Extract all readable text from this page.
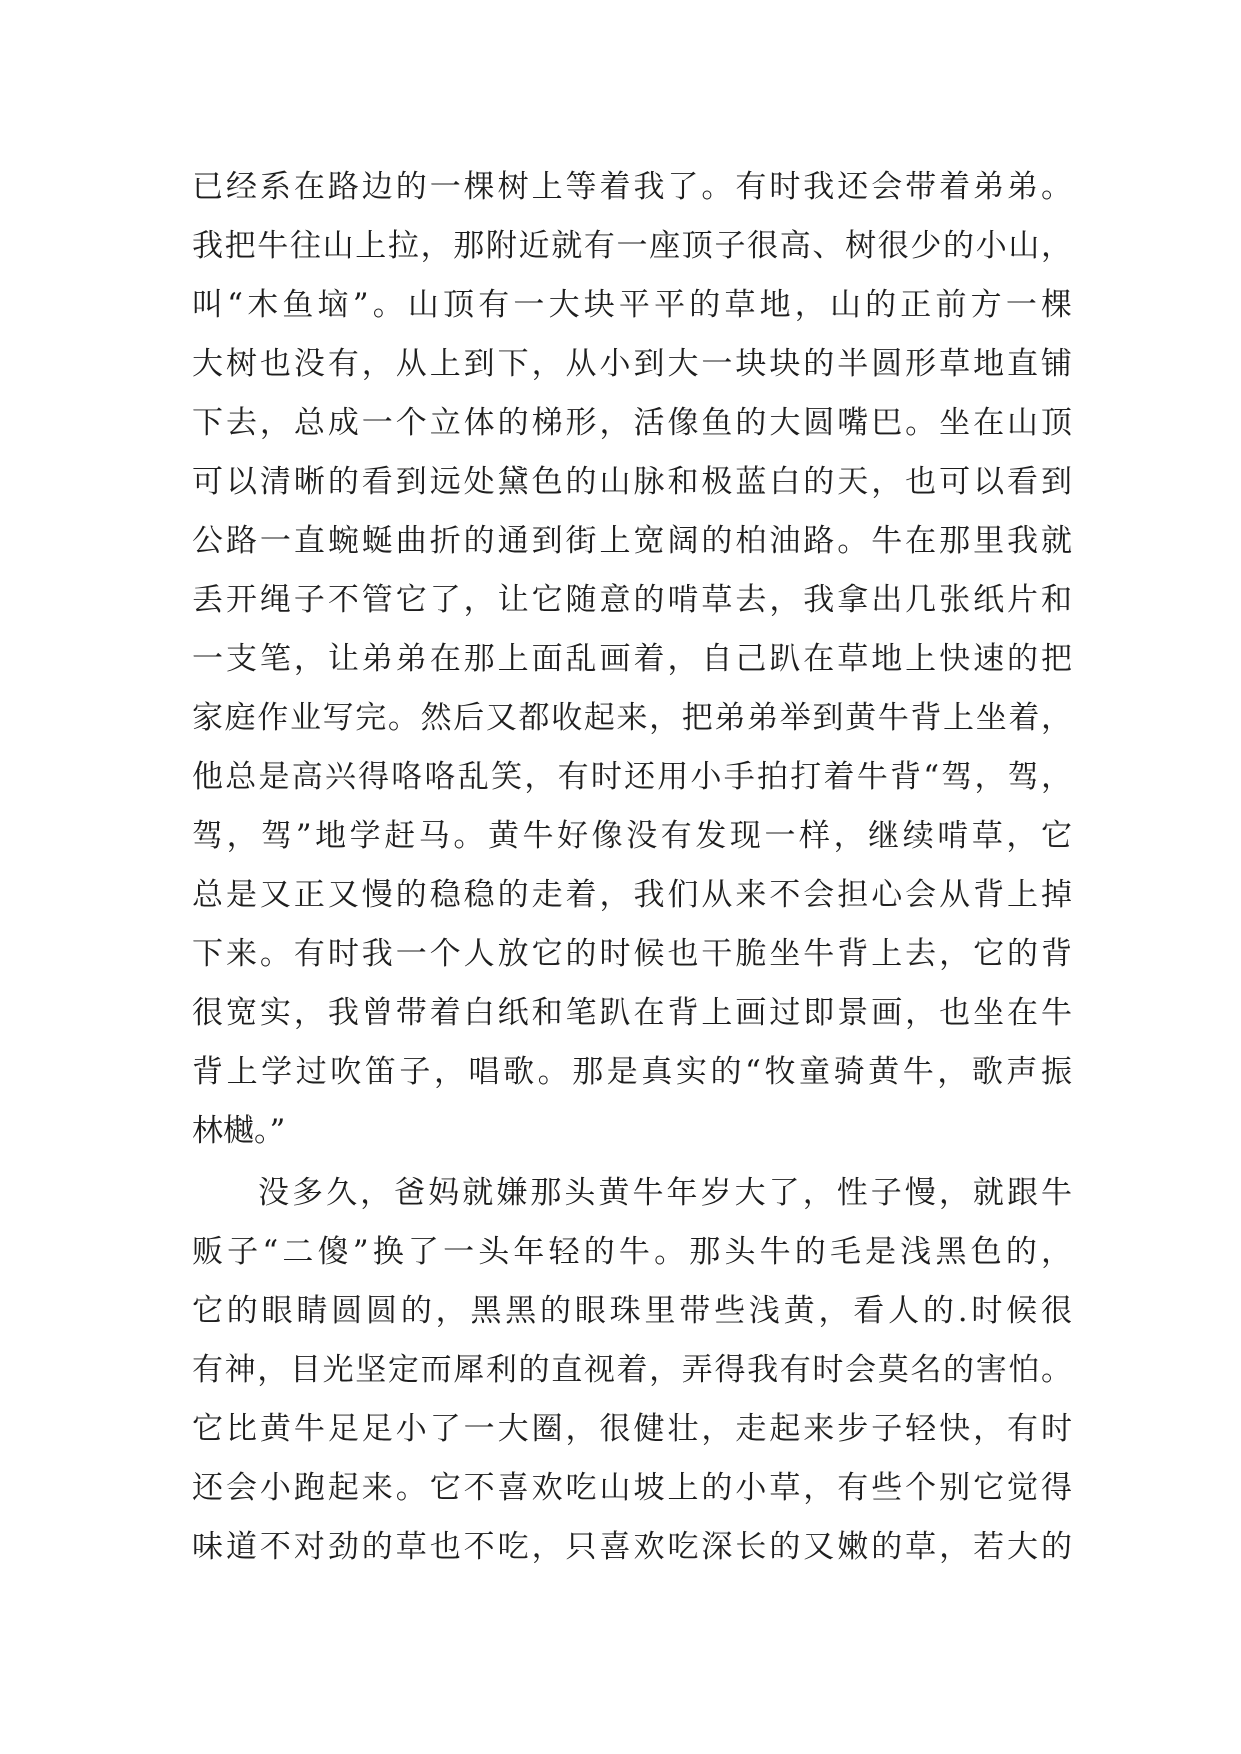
已经系在路边的一棵树上等着我了。有时我还会带着弟弟。
我把牛往山上拉，那附近就有一座顶子很高、树很少的小山，
叫“木鱼垴”。山顶有一大块平平的草地，山的正前方一棵
大树也没有，从上到下，从小到大一块块的半圆形草地直铺
下去，总成一个立体的梯形，活像鱼的大圆嘴巴。坐在山顶
可以清晰的看到远处黛色的山脉和极蓝白的天，也可以看到
公路一直蜿蜒曲折的通到街上宽阔的柏油路。牛在那里我就
丢开绳子不管它了，让它随意的啃草去，我拿出几张纸片和
一支笔，让弟弟在那上面乱画着，自己趴在草地上快速的把
家庭作业写完。然后又都收起来，把弟弟举到黄牛背上坐着，
他总是高兴得咯咯乱笑，有时还用小手拍打着牛背“驾，驾，
驾，驾”地学赶马。黄牛好像没有发现一样，继续啃草，它
总是又正又慢的稳稳的走着，我们从来不会担心会从背上掉
下来。有时我一个人放它的时候也干脆坐牛背上去，它的背
很宽实，我曾带着白纸和笔趴在背上画过即景画，也坐在牛
背上学过吹笛子，唱歌。那是真实的“牧童骑黄牛，歌声振
林樾。”
没多久，爸妈就嫌那头黄牛年岁大了，性子慢，就跟牛
贩子“二傻”换了一头年轻的牛。那头牛的毛是浅黑色的，
它的眼睛圆圆的，黑黑的眼珠里带些浅黄，看人的.时候很
有神，目光坚定而犀利的直视着，弄得我有时会莫名的害怕。
它比黄牛足足小了一大圈，很健壮，走起来步子轻快，有时
还会小跑起来。它不喜欢吃山坡上的小草，有些个别它觉得
味道不对劲的草也不吃，只喜欢吃深长的又嫩的草，若大的
